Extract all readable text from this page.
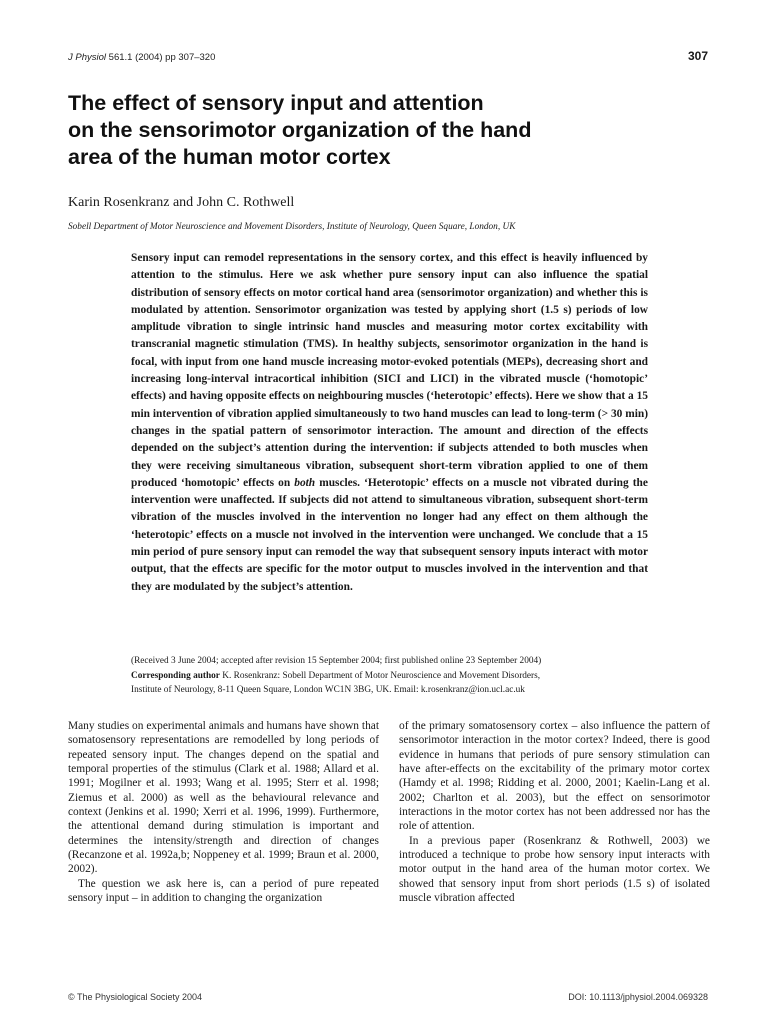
J Physiol 561.1 (2004) pp 307–320	307
The effect of sensory input and attention
on the sensorimotor organization of the hand
area of the human motor cortex
Karin Rosenkranz and John C. Rothwell
Sobell Department of Motor Neuroscience and Movement Disorders, Institute of Neurology, Queen Square, London, UK

Sensory input can remodel representations in the sensory cortex, and this effect is heavily influenced by attention to the stimulus. Here we ask whether pure sensory input can also influence the spatial distribution of sensory effects on motor cortical hand area (sensorimotor organization) and whether this is modulated by attention. Sensorimotor organization was tested by applying short (1.5 s) periods of low amplitude vibration to single intrinsic hand muscles and measuring motor cortex excitability with transcranial magnetic stimulation (TMS). In healthy subjects, sensorimotor organization in the hand is focal, with input from one hand muscle increasing motor-evoked potentials (MEPs), decreasing short and increasing long-interval intracortical inhibition (SICI and LICI) in the vibrated muscle (‘homotopic’ effects) and having opposite effects on neighbouring muscles (‘heterotopic’ effects). Here we show that a 15 min intervention of vibration applied simultaneously to two hand muscles can lead to long-term (> 30 min) changes in the spatial pattern of sensorimotor interaction. The amount and direction of the effects depended on the subject’s attention during the intervention: if subjects attended to both muscles when they were receiving simultaneous vibration, subsequent short-term vibration applied to one of them produced ‘homotopic’ effects on both muscles. ‘Heterotopic’ effects on a muscle not vibrated during the intervention were unaffected. If subjects did not attend to simultaneous vibration, subsequent short-term vibration of the muscles involved in the intervention no longer had any effect on them although the ‘heterotopic’ effects on a muscle not involved in the intervention were unchanged. We conclude that a 15 min period of pure sensory input can remodel the way that subsequent sensory inputs interact with motor output, that the effects are specific for the motor output to muscles involved in the intervention and that they are modulated by the subject’s attention.

(Received 3 June 2004; accepted after revision 15 September 2004; first published online 23 September 2004)
Corresponding author K. Rosenkranz: Sobell Department of Motor Neuroscience and Movement Disorders,
Institute of Neurology, 8-11 Queen Square, London WC1N 3BG, UK. Email: k.rosenkranz@ion.ucl.ac.uk

Many studies on experimental animals and humans have shown that somatosensory representations are remodelled by long periods of repeated sensory input. The changes depend on the spatial and temporal properties of the stimulus (Clark et al. 1988; Allard et al. 1991; Mogilner et al. 1993; Wang et al. 1995; Sterr et al. 1998; Ziemus et al. 2000) as well as the behavioural relevance and context (Jenkins et al. 1990; Xerri et al. 1996, 1999). Furthermore, the attentional demand during stimulation is important and determines the intensity/strength and direction of changes (Recanzone et al. 1992a,b; Noppeney et al. 1999; Braun et al. 2000, 2002).

The question we ask here is, can a period of pure repeated sensory input – in addition to changing the organization

of the primary somatosensory cortex – also influence the pattern of sensorimotor interaction in the motor cortex? Indeed, there is good evidence in humans that periods of pure sensory stimulation can have after-effects on the excitability of the primary motor cortex (Hamdy et al. 1998; Ridding et al. 2000, 2001; Kaelin-Lang et al. 2002; Charlton et al. 2003), but the effect on sensorimotor interactions in the motor cortex has not been addressed nor has the role of attention.

In a previous paper (Rosenkranz & Rothwell, 2003) we introduced a technique to probe how sensory input interacts with motor output in the hand area of the human motor cortex. We showed that sensory input from short periods (1.5 s) of isolated muscle vibration affected

© The Physiological Society 2004	DOI: 10.1113/jphysiol.2004.069328
